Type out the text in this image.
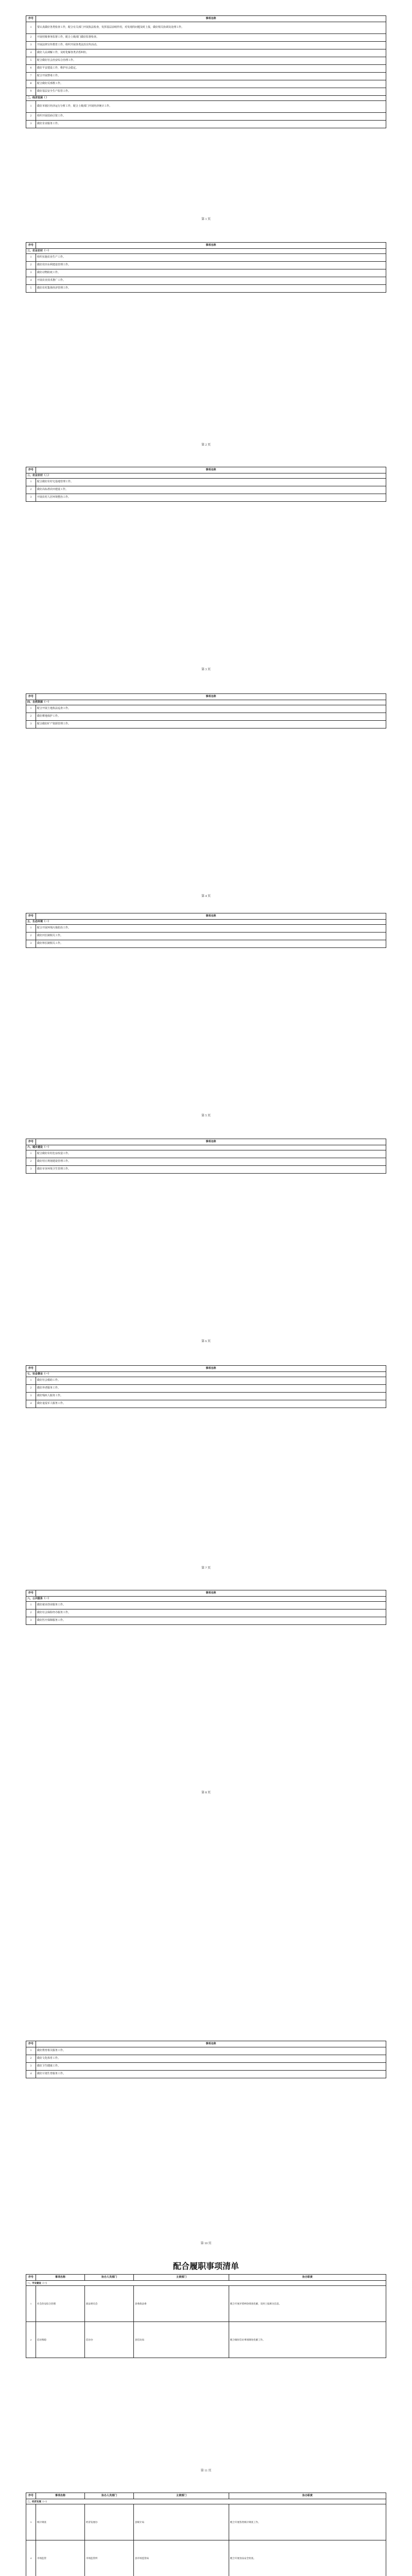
序号	事项名称
1	要认真做好各类检查工作，配合有关部门开展执法检查，发挥基层前哨作用，对发现的问题及时上报，做好相关协调及处理工作。
2	开展村级事务监督工作，配合上级部门做好监督检查。
3	开展法律宣传教育工作，组织开展各类法治宣传活动。
4	做好人民调解工作，及时化解各类矛盾纠纷。
5	配合做好社会治安综合治理工作。
6	做好平安建设工作，维护社会稳定。
7	配合开展禁毒工作。
8	配合做好反邪教工作。
9	做好基层安全生产监管工作。
二、经济发展（ ）	
1	做好本辖区经济运行分析工作，配合上级部门开展经济统计工作。
2	组织开展招商引资工作。
3	做好企业服务工作。
第 1 页
序号	事项名称
三、农业农村（一）	
1	组织实施农业生产工作。
2	做好农田水利建设管理工作。
3	做好动物防疫工作。
4	开展农业技术推广工作。
5	做好农村集体经济管理工作。
第 2 页
序号	事项名称
三、农业农村（二）	
1	配合做好农村宅基地管理工作。
2	做好高标准农田建设工作。
3	开展农村人居环境整治工作。
第 3 页
序号	事项名称
四、自然资源（一）	
1	配合开展土地执法巡查工作。
2	做好耕地保护工作。
3	配合做好矿产资源管理工作。
第 4 页
序号	事项名称
五、生态环境（一）	
1	配合开展环境污染防治工作。
2	做好河长制相关工作。
3	做好林长制相关工作。
第 5 页
序号	事项名称
六、城乡建设（一）	
1	配合做好农村危房改造工作。
2	做好村庄规划建设管理工作。
3	做好市容环境卫生管理工作。
第 6 页
序号	事项名称
七、社会事业（一）	
1	做好社会救助工作。
2	做好养老服务工作。
3	做好残疾人服务工作。
4	做好退役军人服务工作。
第 7 页
序号	事项名称
八、公共服务（一）	
1	做好就业创业服务工作。
2	做好社会保险经办服务工作。
3	做好医疗保障服务工作。
第 8 页
序号	事项名称
1	做好教育相关服务工作。
2	做好文化体育工作。
3	做好卫生健康工作。
4	做好计划生育服务工作。
第 10 页
配合履职事项清单
序号	事项名称	协办人员部门	主责部门	协办职责
一、平安建设（一）				
1	社会治安综合治理	政法委员会	县委政法委	配合开展矛盾纠纷排查化解，及时上报相关信息。
2	信访维稳	信访办	县信访局	配合做好信访事项调处化解工作。
第 11 页
序号	事项名称	协办人员部门	主责部门	协办职责
二、经济发展（一）				
3	统计调查	经济发展办	县统计局	配合开展各类统计调查工作。
4	市场监管	市场监管所	县市场监管局	配合开展食品安全检查。
